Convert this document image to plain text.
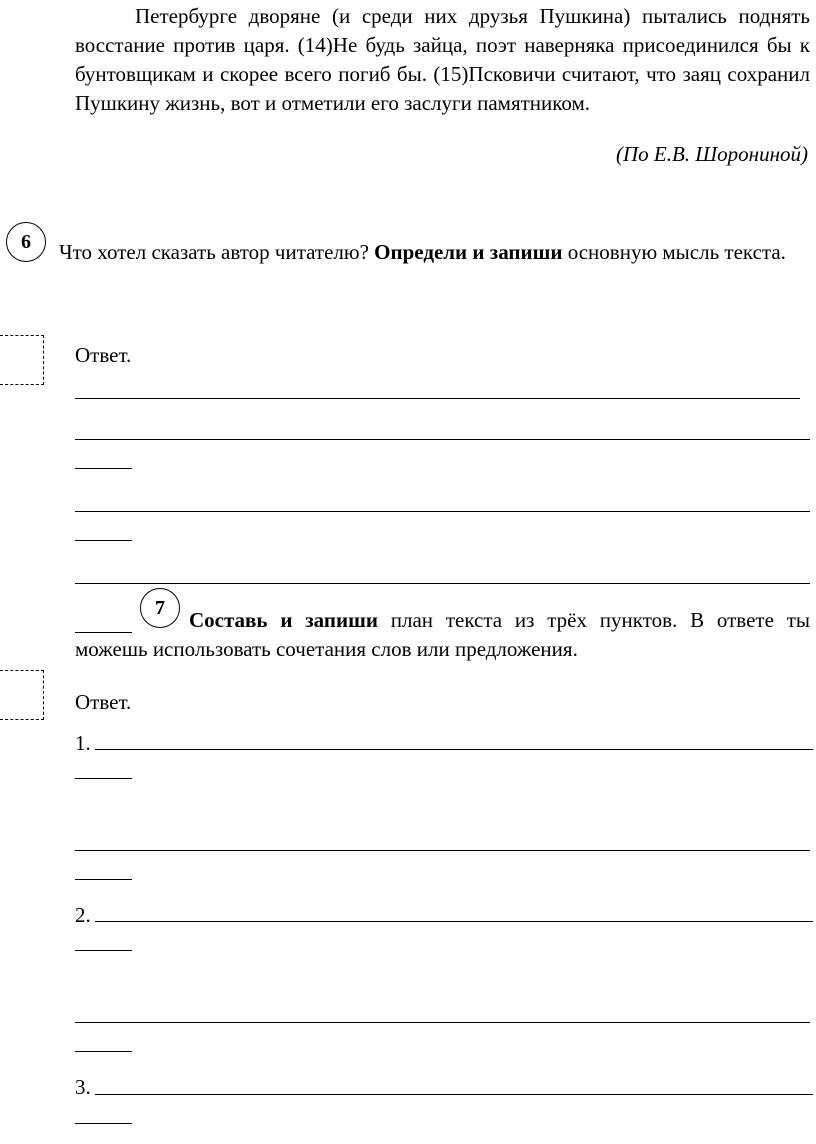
Петербурге дворяне (и среди них друзья Пушкина) пытались поднять восстание против царя. (14)Не будь зайца, поэт наверняка присоединился бы к бунтовщикам и скорее всего погиб бы. (15)Псковичи считают, что заяц сохранил Пушкину жизнь, вот и отметили его заслуги памятником.
(По Е.В. Шорониной)
6	Что хотел сказать автор читателю? Определи и запиши основную мысль текста.
Ответ.
7
Составь и запиши план текста из трёх пунктов. В ответе ты можешь использовать сочетания слов или предложения.
Ответ.
1.
2.
3.
